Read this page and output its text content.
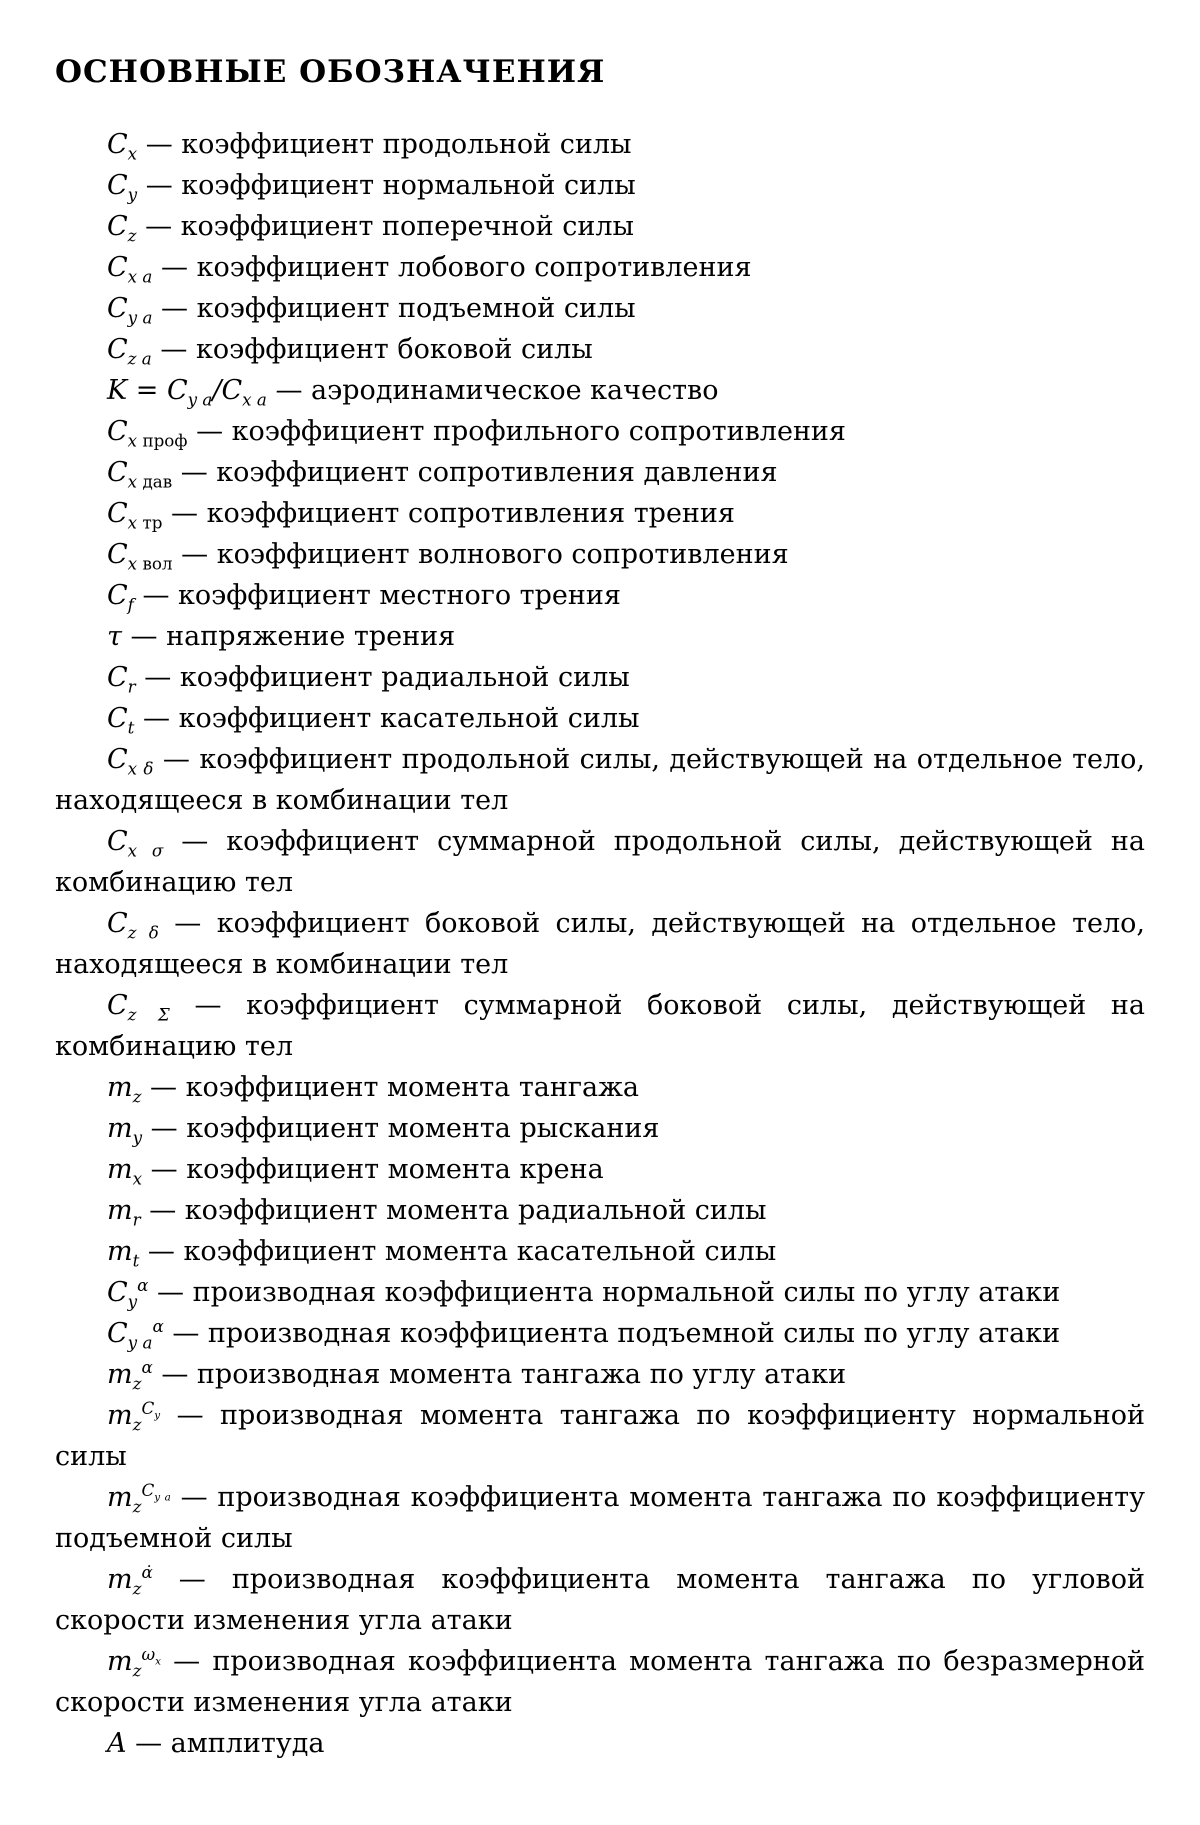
ОСНОВНЫЕ ОБОЗНАЧЕНИЯ

$C_x$ — коэффициент продольной силы

$C_y$ — коэффициент нормальной силы

$C_z$ — коэффициент поперечной силы

$C_{x a}$ — коэффициент лобового сопротивления

$C_{y a}$ — коэффициент подъемной силы

$C_{z a}$ — коэффициент боковой силы

$K = C_{y a}/C_{x a}$ — аэродинамическое качество

$C_{x проф}$ — коэффициент профильного сопротивления

$C_{x дав}$ — коэффициент сопротивления давления

$C_{x тр}$ — коэффициент сопротивления трения

$C_{x вол}$ — коэффициент волнового сопротивления

$C_f$ — коэффициент местного трения

τ — напряжение трения

$C_r$ — коэффициент радиальной силы

$C_t$ — коэффициент касательной силы

$C_{x \delta}$ — коэффициент продольной силы, действующей на отдельное тело, находящееся в комбинации тел

$C_{x \sigma}$ — коэффициент суммарной продольной силы, действующей на комбинацию тел

$C_{z \delta}$ — коэффициент боковой силы, действующей на отдельное тело, находящееся в комбинации тел

$C_{z \Sigma}$ — коэффициент суммарной боковой силы, действующей на комбинацию тел

$m_z$ — коэффициент момента тангажа

$m_y$ — коэффициент момента рыскания

$m_x$ — коэффициент момента крена

$m_r$ — коэффициент момента радиальной силы

$m_t$ — коэффициент момента касательной силы

$C_y^\alpha$ — производная коэффициента нормальной силы по углу атаки

$C_{y a}^\alpha$ — производная коэффициента подъемной силы по углу атаки

$m_z^\alpha$ — производная момента тангажа по углу атаки

$m_z^{C_y}$ — производная момента тангажа по коэффициенту нормальной силы

$m_z^{C_{y a}}$ — производная коэффициента момента тангажа по коэффициенту подъемной силы

$m_z^{\alphȧ}$ — производная коэффициента момента тангажа по угловой скорости изменения угла атаки

$m_z^{\omega_x}$ — производная коэффициента момента тангажа по безразмерной скорости изменения угла атаки

A — амплитуда
